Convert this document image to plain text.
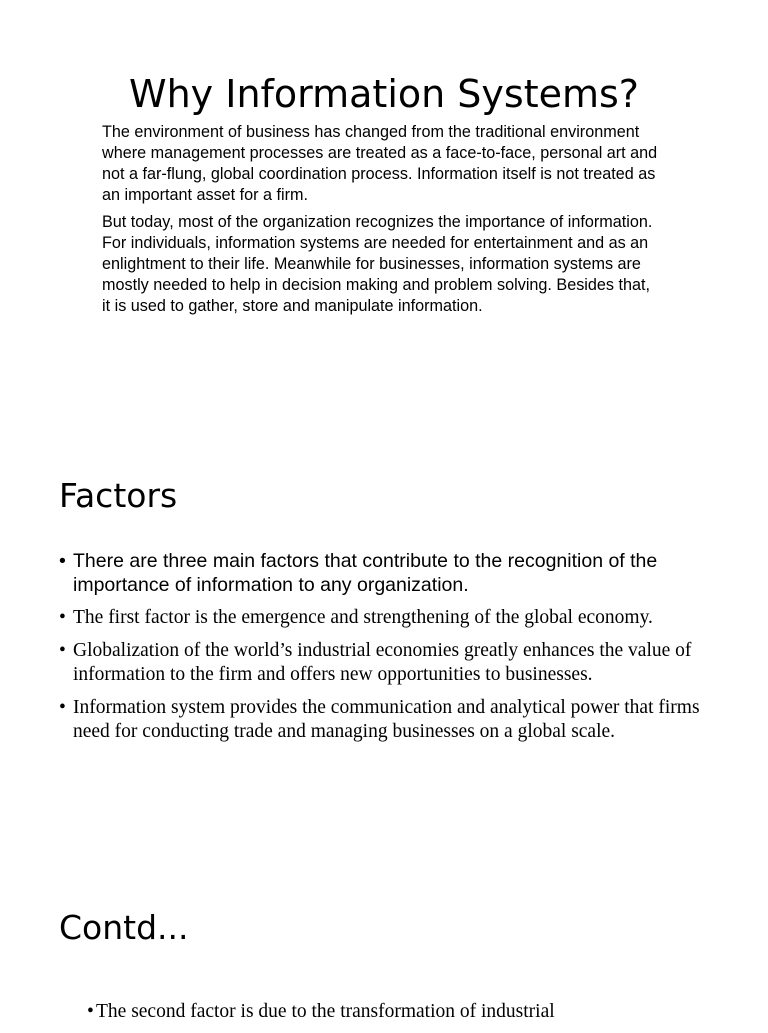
Why Information Systems?

The environment of business has changed from the traditional environment where management processes are treated as a face-to-face, personal art and not a far-flung, global coordination process. Information itself is not treated as an important asset for a firm.

But today, most of the organization recognizes the importance of information. For individuals, information systems are needed for entertainment and as an enlightment to their life. Meanwhile for businesses, information systems are mostly needed to help in decision making and problem solving. Besides that, it is used to gather, store and manipulate information.

Factors
• There are three main factors that contribute to the recognition of the importance of information to any organization.
• The first factor is the emergence and strengthening of the global economy.
• Globalization of the world’s industrial economies greatly enhances the value of information to the firm and offers new opportunities to businesses.
• Information system provides the communication and analytical power that firms need for conducting trade and managing businesses on a global scale.
Contd...
• The second factor is due to the transformation of industrial
